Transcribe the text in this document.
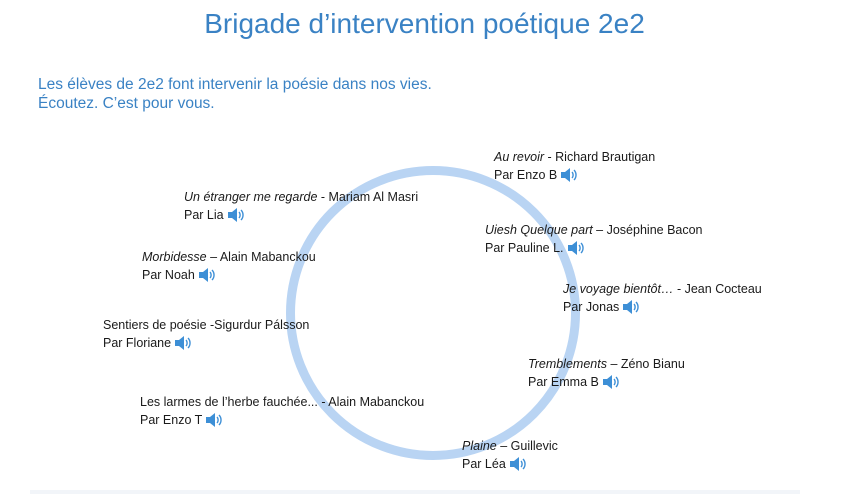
Brigade d’intervention poétique 2e2
Les élèves de 2e2 font intervenir la poésie dans nos vies.
Écoutez. C’est pour vous.
Au revoir - Richard Brautigan
Par Enzo B
Un étranger me regarde - Mariam Al Masri
Par Lia
Uiesh Quelque part – Joséphine Bacon
Par Pauline L.
Morbidesse – Alain Mabanckou
Par Noah
Je voyage bientôt… - Jean Cocteau
Par Jonas
Sentiers de poésie -Sigurdur Pálsson
Par Floriane
Tremblements – Zéno Bianu
Par Emma B
Les larmes de l’herbe fauchée... - Alain Mabanckou
Par Enzo T
Plaine – Guillevic
Par Léa
